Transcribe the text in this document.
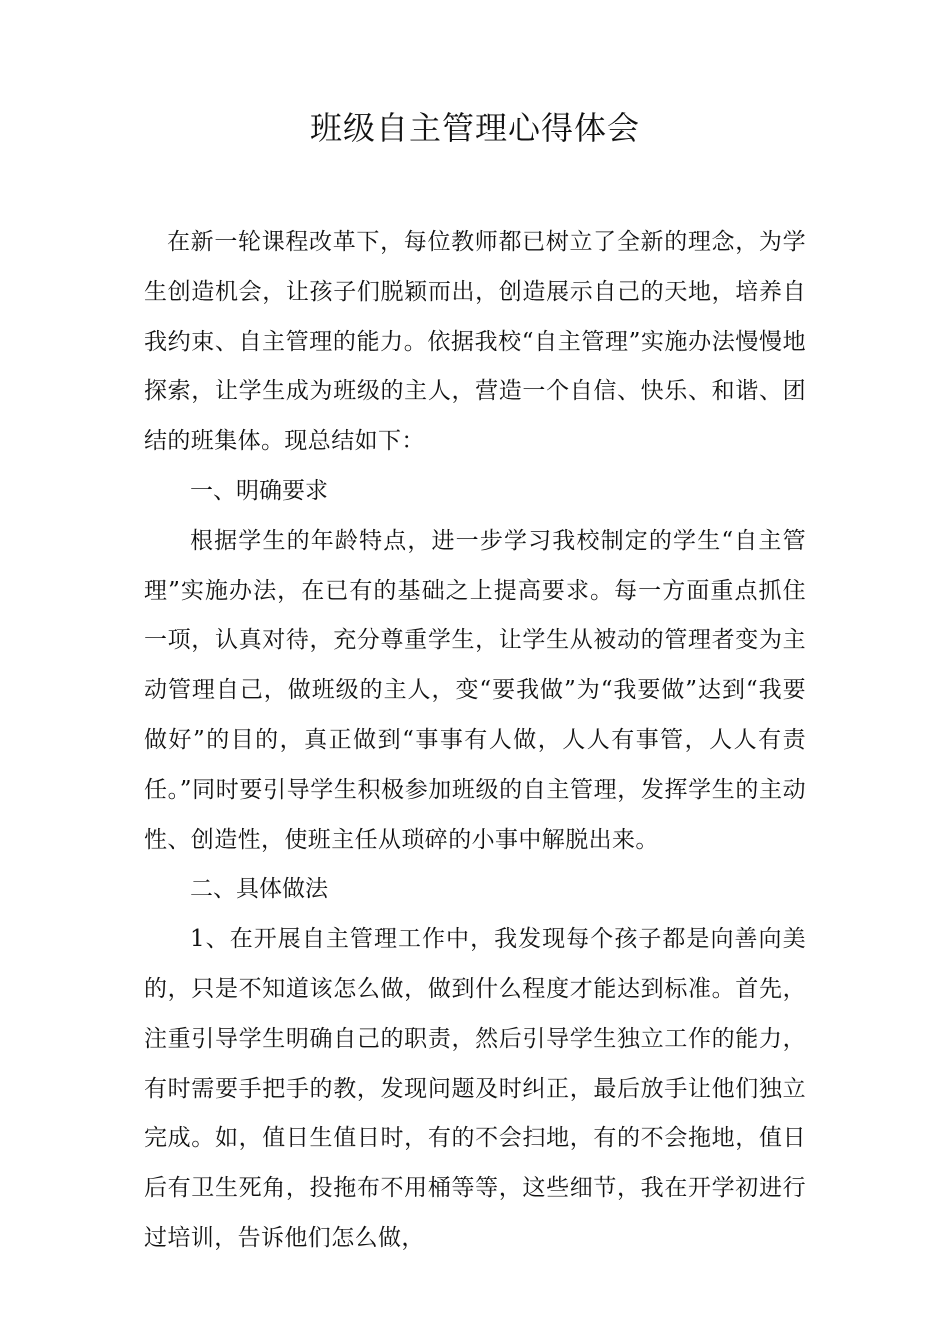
班级自主管理心得体会

在新一轮课程改革下，每位教师都已树立了全新的理念，为学生创造机会，让孩子们脱颖而出，创造展示自己的天地，培养自我约束、自主管理的能力。依据我校“自主管理”实施办法慢慢地探索，让学生成为班级的主人，营造一个自信、快乐、和谐、团结的班集体。现总结如下：

一、明确要求

根据学生的年龄特点，进一步学习我校制定的学生“自主管理”实施办法，在已有的基础之上提高要求。每一方面重点抓住一项，认真对待，充分尊重学生，让学生从被动的管理者变为主动管理自己，做班级的主人，变“要我做”为“我要做”达到“我要做好”的目的，真正做到“事事有人做，人人有事管，人人有责任。”同时要引导学生积极参加班级的自主管理，发挥学生的主动性、创造性，使班主任从琐碎的小事中解脱出来。

二、具体做法

1、在开展自主管理工作中，我发现每个孩子都是向善向美的，只是不知道该怎么做，做到什么程度才能达到标准。首先，注重引导学生明确自己的职责，然后引导学生独立工作的能力，有时需要手把手的教，发现问题及时纠正，最后放手让他们独立完成。如，值日生值日时，有的不会扫地，有的不会拖地，值日后有卫生死角，投拖布不用桶等等，这些细节，我在开学初进行过培训，告诉他们怎么做，
